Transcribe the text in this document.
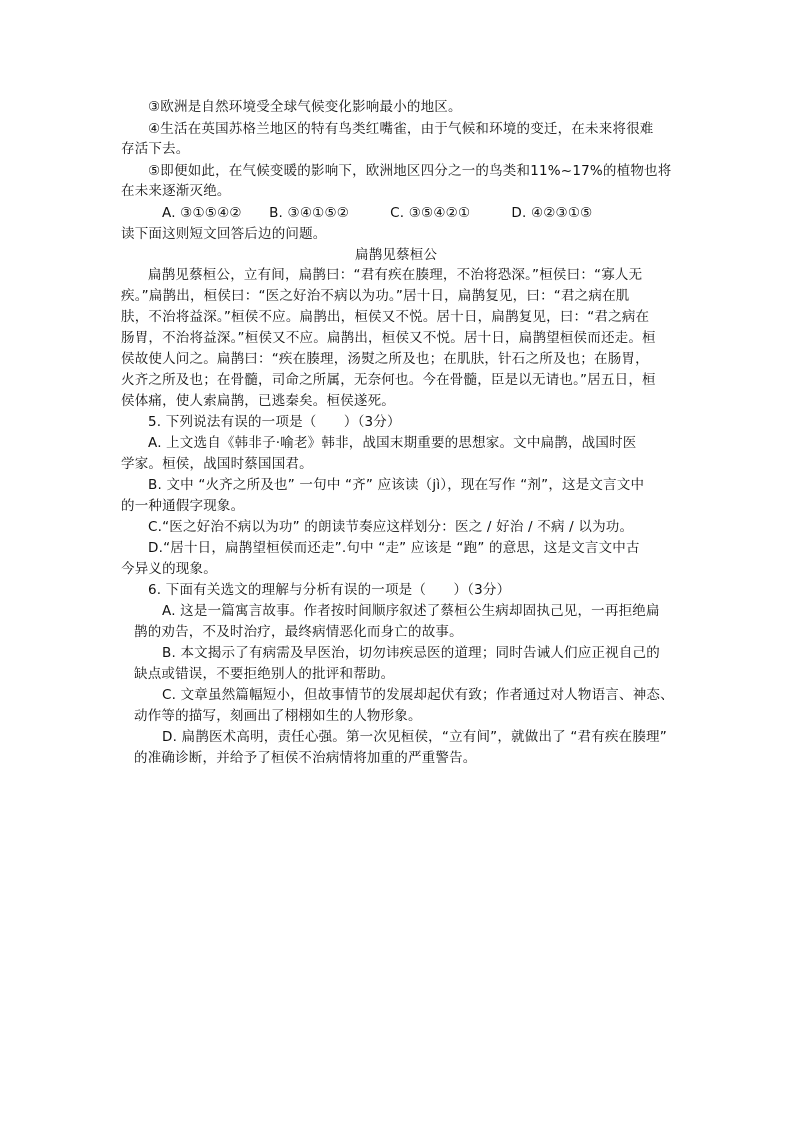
③欧洲是自然环境受全球气候变化影响最小的地区。
④生活在英国苏格兰地区的特有鸟类红嘴雀，由于气候和环境的变迁，在未来将很难
存活下去。
⑤即便如此，在气候变暖的影响下，欧洲地区四分之一的鸟类和11%~17%的植物也将
在未来逐渐灭绝。
A. ③①⑤④②　　B. ③④①⑤②　　　C. ③⑤④②①　　　D. ④②③①⑤
读下面这则短文回答后边的问题。
扁鹊见蔡桓公
扁鹊见蔡桓公，立有间，扁鹊曰：“君有疾在腠理，不治将恐深。”桓侯曰：“寡人无
疾。”扁鹊出，桓侯曰：“医之好治不病以为功。”居十日，扁鹊复见，曰：“君之病在肌
肤，不治将益深。”桓侯不应。扁鹊出，桓侯又不悦。居十日，扁鹊复见，曰：“君之病在
肠胃，不治将益深。”桓侯又不应。扁鹊出，桓侯又不悦。居十日，扁鹊望桓侯而还走。桓
侯故使人问之。扁鹊曰：“疾在腠理，汤熨之所及也；在肌肤，针石之所及也；在肠胃，
火齐之所及也；在骨髓，司命之所属，无奈何也。今在骨髓，臣是以无请也。”居五日，桓
侯体痛，使人索扁鹊，已逃秦矣。桓侯遂死。
5. 下列说法有误的一项是（　　）（3分）
A. 上文选自《韩非子·喻老》韩非，战国末期重要的思想家。文中扁鹊，战国时医
学家。桓侯，战国时蔡国国君。
B. 文中 “火齐之所及也” 一句中 “齐” 应该读（jì），现在写作 “剂”，这是文言文中
的一种通假字现象。
C.“医之好治不病以为功” 的朗读节奏应这样划分：医之 / 好治 / 不病 / 以为功。
D.“居十日，扁鹊望桓侯而还走”.句中 “走” 应该是 “跑” 的意思，这是文言文中古
今异义的现象。
6. 下面有关选文的理解与分析有误的一项是（　　）（3分）
A. 这是一篇寓言故事。作者按时间顺序叙述了蔡桓公生病却固执己见，一再拒绝扁
鹊的劝告，不及时治疗，最终病情恶化而身亡的故事。
B. 本文揭示了有病需及早医治，切勿讳疾忌医的道理；同时告诫人们应正视自己的
缺点或错误，不要拒绝别人的批评和帮助。
C. 文章虽然篇幅短小，但故事情节的发展却起伏有致；作者通过对人物语言、神态、
动作等的描写，刻画出了栩栩如生的人物形象。
D. 扁鹊医术高明，责任心强。第一次见桓侯，“立有间”，就做出了 “君有疾在腠理”
的准确诊断，并给予了桓侯不治病情将加重的严重警告。
